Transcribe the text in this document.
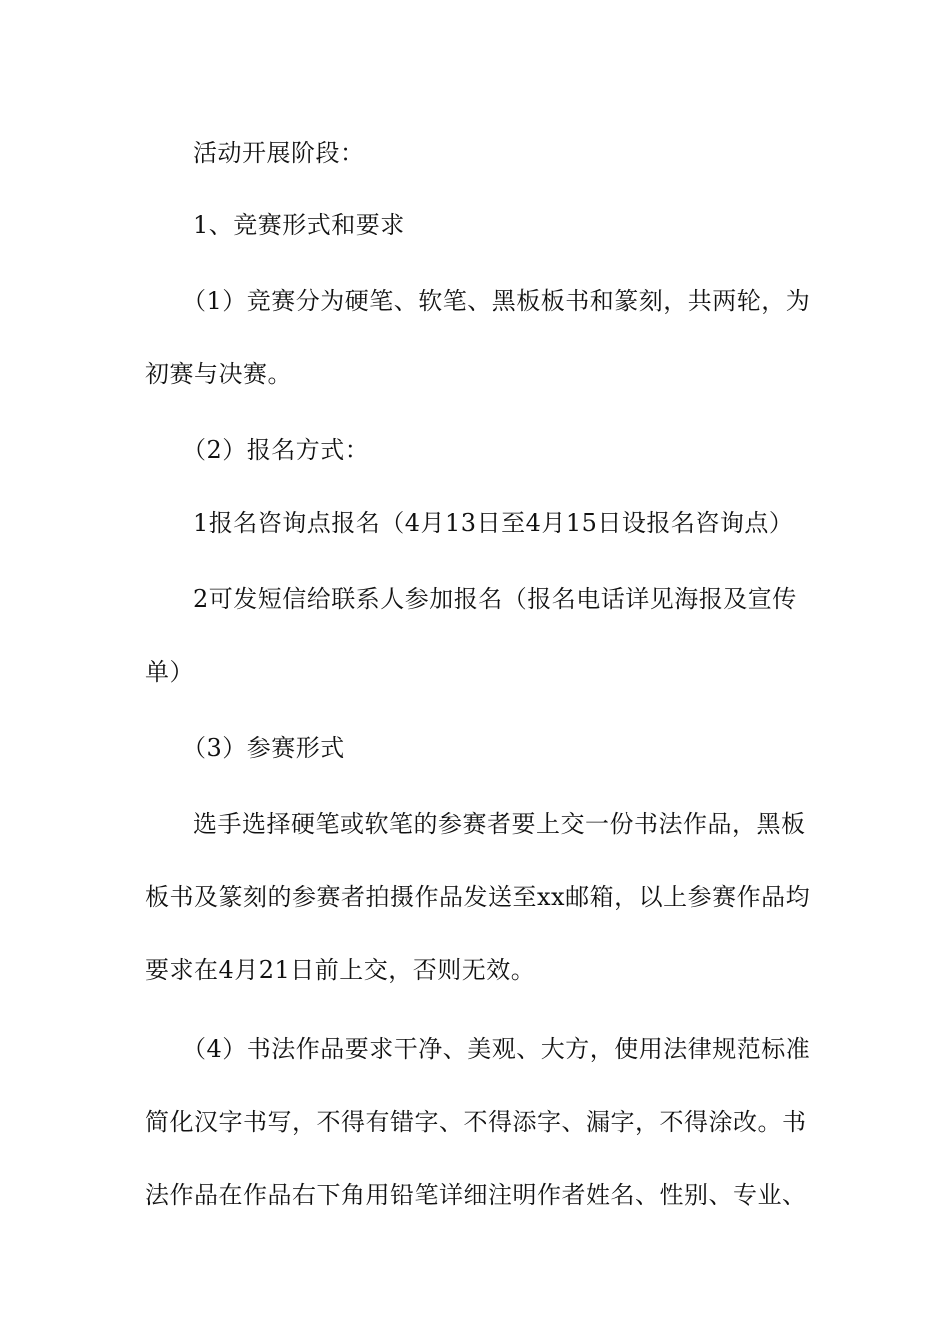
活动开展阶段：
1、竞赛形式和要求
（1）竞赛分为硬笔、软笔、黑板板书和篆刻，共两轮，为
初赛与决赛。
（2）报名方式：
1报名咨询点报名（4月13日至4月15日设报名咨询点）
2可发短信给联系人参加报名（报名电话详见海报及宣传
单）
（3）参赛形式
选手选择硬笔或软笔的参赛者要上交一份书法作品，黑板
板书及篆刻的参赛者拍摄作品发送至xx邮箱，以上参赛作品均
要求在4月21日前上交，否则无效。
（4）书法作品要求干净、美观、大方，使用法律规范标准
简化汉字书写，不得有错字、不得添字、漏字，不得涂改。书
法作品在作品右下角用铅笔详细注明作者姓名、性别、专业、
